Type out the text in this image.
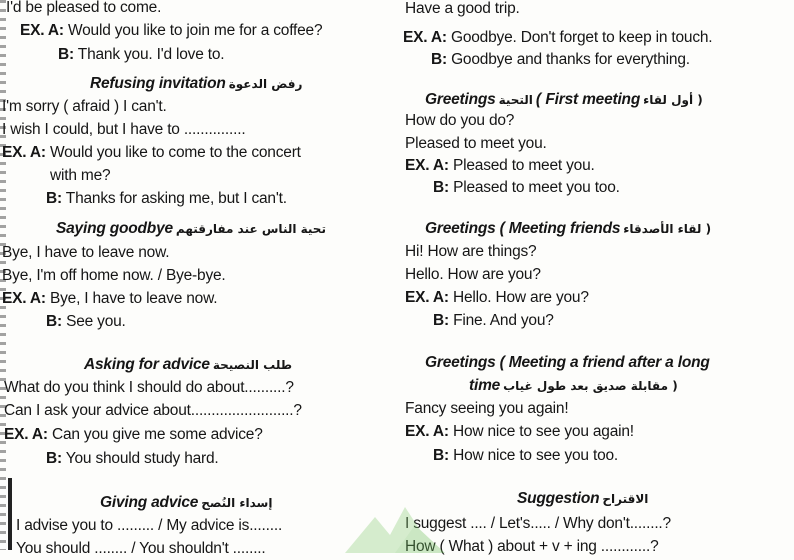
I'd be pleased to come.
EX. A: Would you like to join me for a coffee?
B: Thank you. I'd love to.
Refusing invitation رفض الدعوة
I'm sorry ( afraid ) I can't.
I wish I could, but I have to ...............
EX. A: Would you like to come to the concert
with me?
B: Thanks for asking me, but I can't.
Saying goodbye تحية الناس عند مفارقتهم
Bye, I have to leave now.
Bye, I'm off home now. / Bye-bye.
EX. A: Bye, I have to leave now.
B: See you.
Asking for advice طلب النصيحة
What do you think I should do about..........?
Can I ask your advice about.........................?
EX. A: Can you give me some advice?
B: You should study hard.
Giving advice إسداء النُصح
I advise you to ......... / My advice is........
You should ........ / You shouldn't ........
Have a good trip.
EX. A: Goodbye. Don't forget to keep in touch.
B: Goodbye and thanks for everything.
Greetings التحية ( First meeting أول لقاء )
How do you do?
Pleased to meet you.
EX. A: Pleased to meet you.
B: Pleased to meet you too.
Greetings ( Meeting friends لقاء الأصدقاء )
Hi! How are things?
Hello. How are you?
EX. A: Hello. How are you?
B: Fine. And you?
Greetings ( Meeting a friend after a long
time مقابلة صديق بعد طول غياب )
Fancy seeing you again!
EX. A: How nice to see you again!
B: How nice to see you too.
Suggestion الاقتراح
I suggest .... / Let's..... / Why don't........?
How ( What ) about + v + ing ............?
